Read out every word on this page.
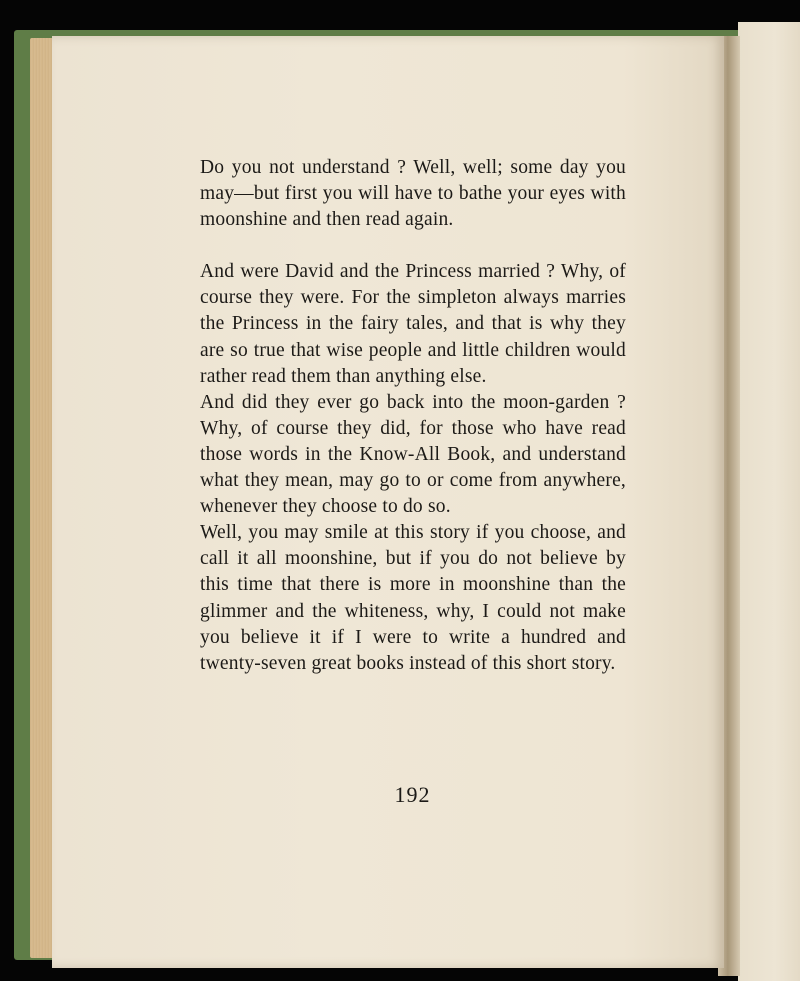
Do you not understand ? Well, well; some day you may—but first you will have to bathe your eyes with moonshine and then read again.

And were David and the Princess married ? Why, of course they were. For the simpleton always marries the Princess in the fairy tales, and that is why they are so true that wise people and little children would rather read them than anything else.

And did they ever go back into the moon-garden ? Why, of course they did, for those who have read those words in the Know-All Book, and understand what they mean, may go to or come from anywhere, whenever they choose to do so.

Well, you may smile at this story if you choose, and call it all moonshine, but if you do not believe by this time that there is more in moonshine than the glimmer and the whiteness, why, I could not make you believe it if I were to write a hundred and twenty-seven great books instead of this short story.

192
